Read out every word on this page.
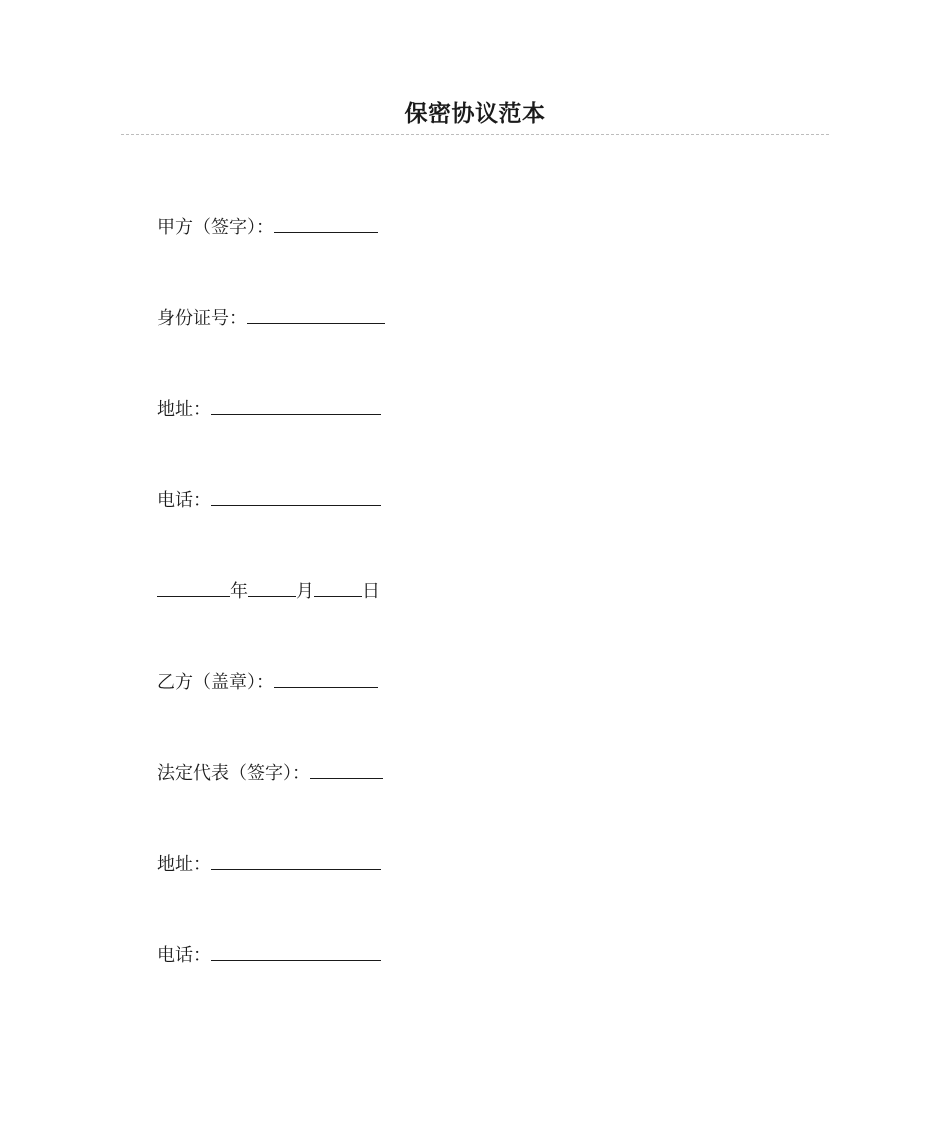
保密协议范本
甲方（签字）：
身份证号：
地址：
电话：
年	月	日
乙方（盖章）：
法定代表（签字）：
地址：
电话：
